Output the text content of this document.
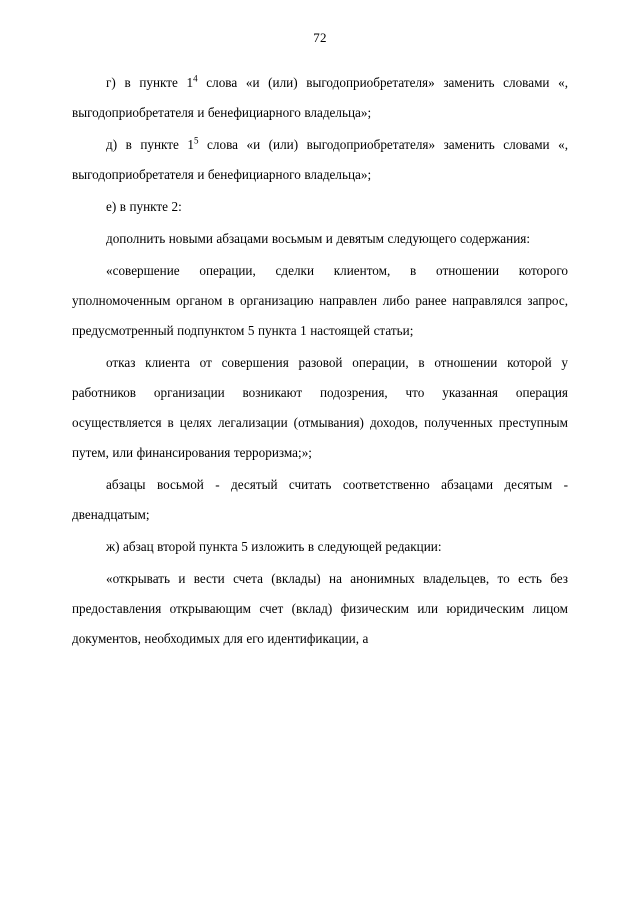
72

г) в пункте $1^4$ слова «и (или) выгодоприобретателя» заменить словами «, выгодоприобретателя и бенефициарного владельца»;

д) в пункте $1^5$ слова «и (или) выгодоприобретателя» заменить словами «, выгодоприобретателя и бенефициарного владельца»;

е) в пункте 2:

дополнить новыми абзацами восьмым и девятым следующего содержания:

«совершение операции, сделки клиентом, в отношении которого уполномоченным органом в организацию направлен либо ранее направлялся запрос, предусмотренный подпунктом 5 пункта 1 настоящей статьи;

отказ клиента от совершения разовой операции, в отношении которой у работников организации возникают подозрения, что указанная операция осуществляется в целях легализации (отмывания) доходов, полученных преступным путем, или финансирования терроризма;»;

абзацы восьмой - десятый считать соответственно абзацами десятым - двенадцатым;

ж) абзац второй пункта 5 изложить в следующей редакции:

«открывать и вести счета (вклады) на анонимных владельцев, то есть без предоставления открывающим счет (вклад) физическим или юридическим лицом документов, необходимых для его идентификации, а
